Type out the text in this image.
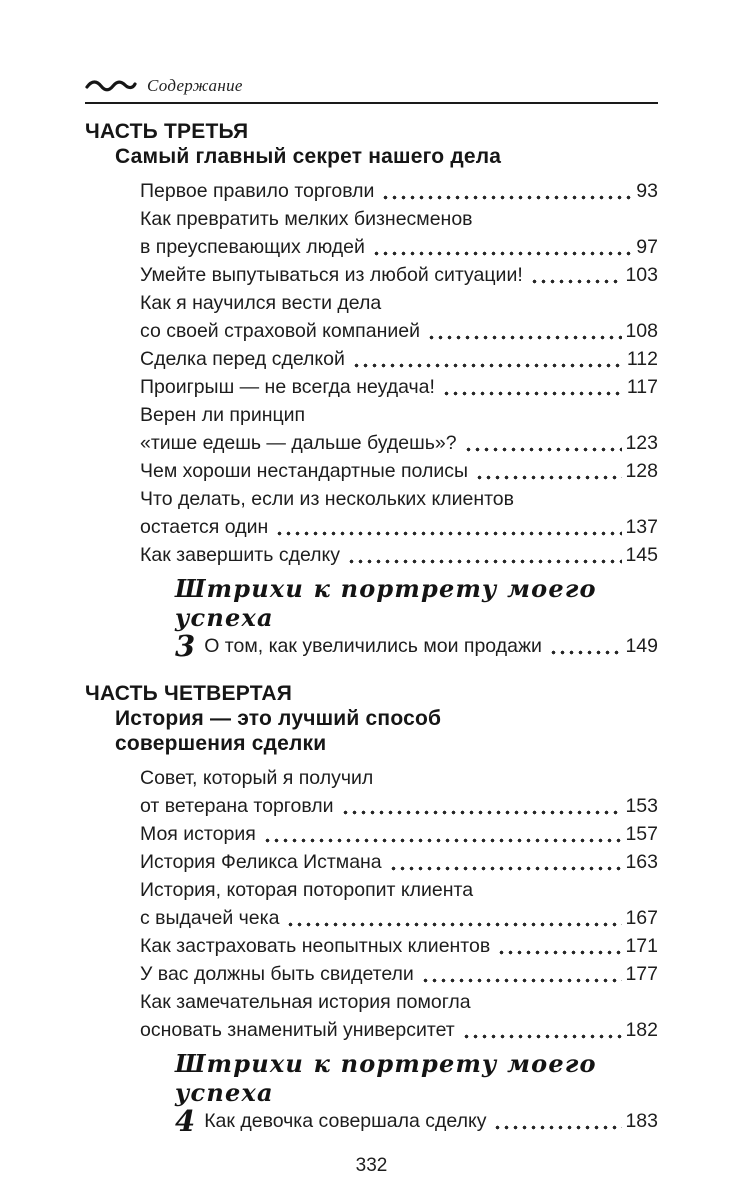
Содержание
ЧАСТЬ ТРЕТЬЯ
Самый главный секрет нашего дела
Первое правило торговли	93
Как превратить мелких бизнесменов
в преуспевающих людей	97
Умейте выпутываться из любой ситуации!	103
Как я научился вести дела
со своей страховой компанией	108
Сделка перед сделкой	112
Проигрыш — не всегда неудача!	117
Верен ли принцип
«тише едешь — дальше будешь»?	123
Чем хороши нестандартные полисы	128
Что делать, если из нескольких клиентов
остается один	137
Как завершить сделку	145
Штрихи к портрету моего успеха
3 О том, как увеличились мои продажи	149
ЧАСТЬ ЧЕТВЕРТАЯ
История — это лучший способ
совершения сделки
Совет, который я получил
от ветерана торговли	153
Моя история	157
История Феликса Истмана	163
История, которая поторопит клиента
с выдачей чека	167
Как застраховать неопытных клиентов	171
У вас должны быть свидетели	177
Как замечательная история помогла
основать знаменитый университет	182
Штрихи к портрету моего успеха
4 Как девочка совершала сделку	183
332
